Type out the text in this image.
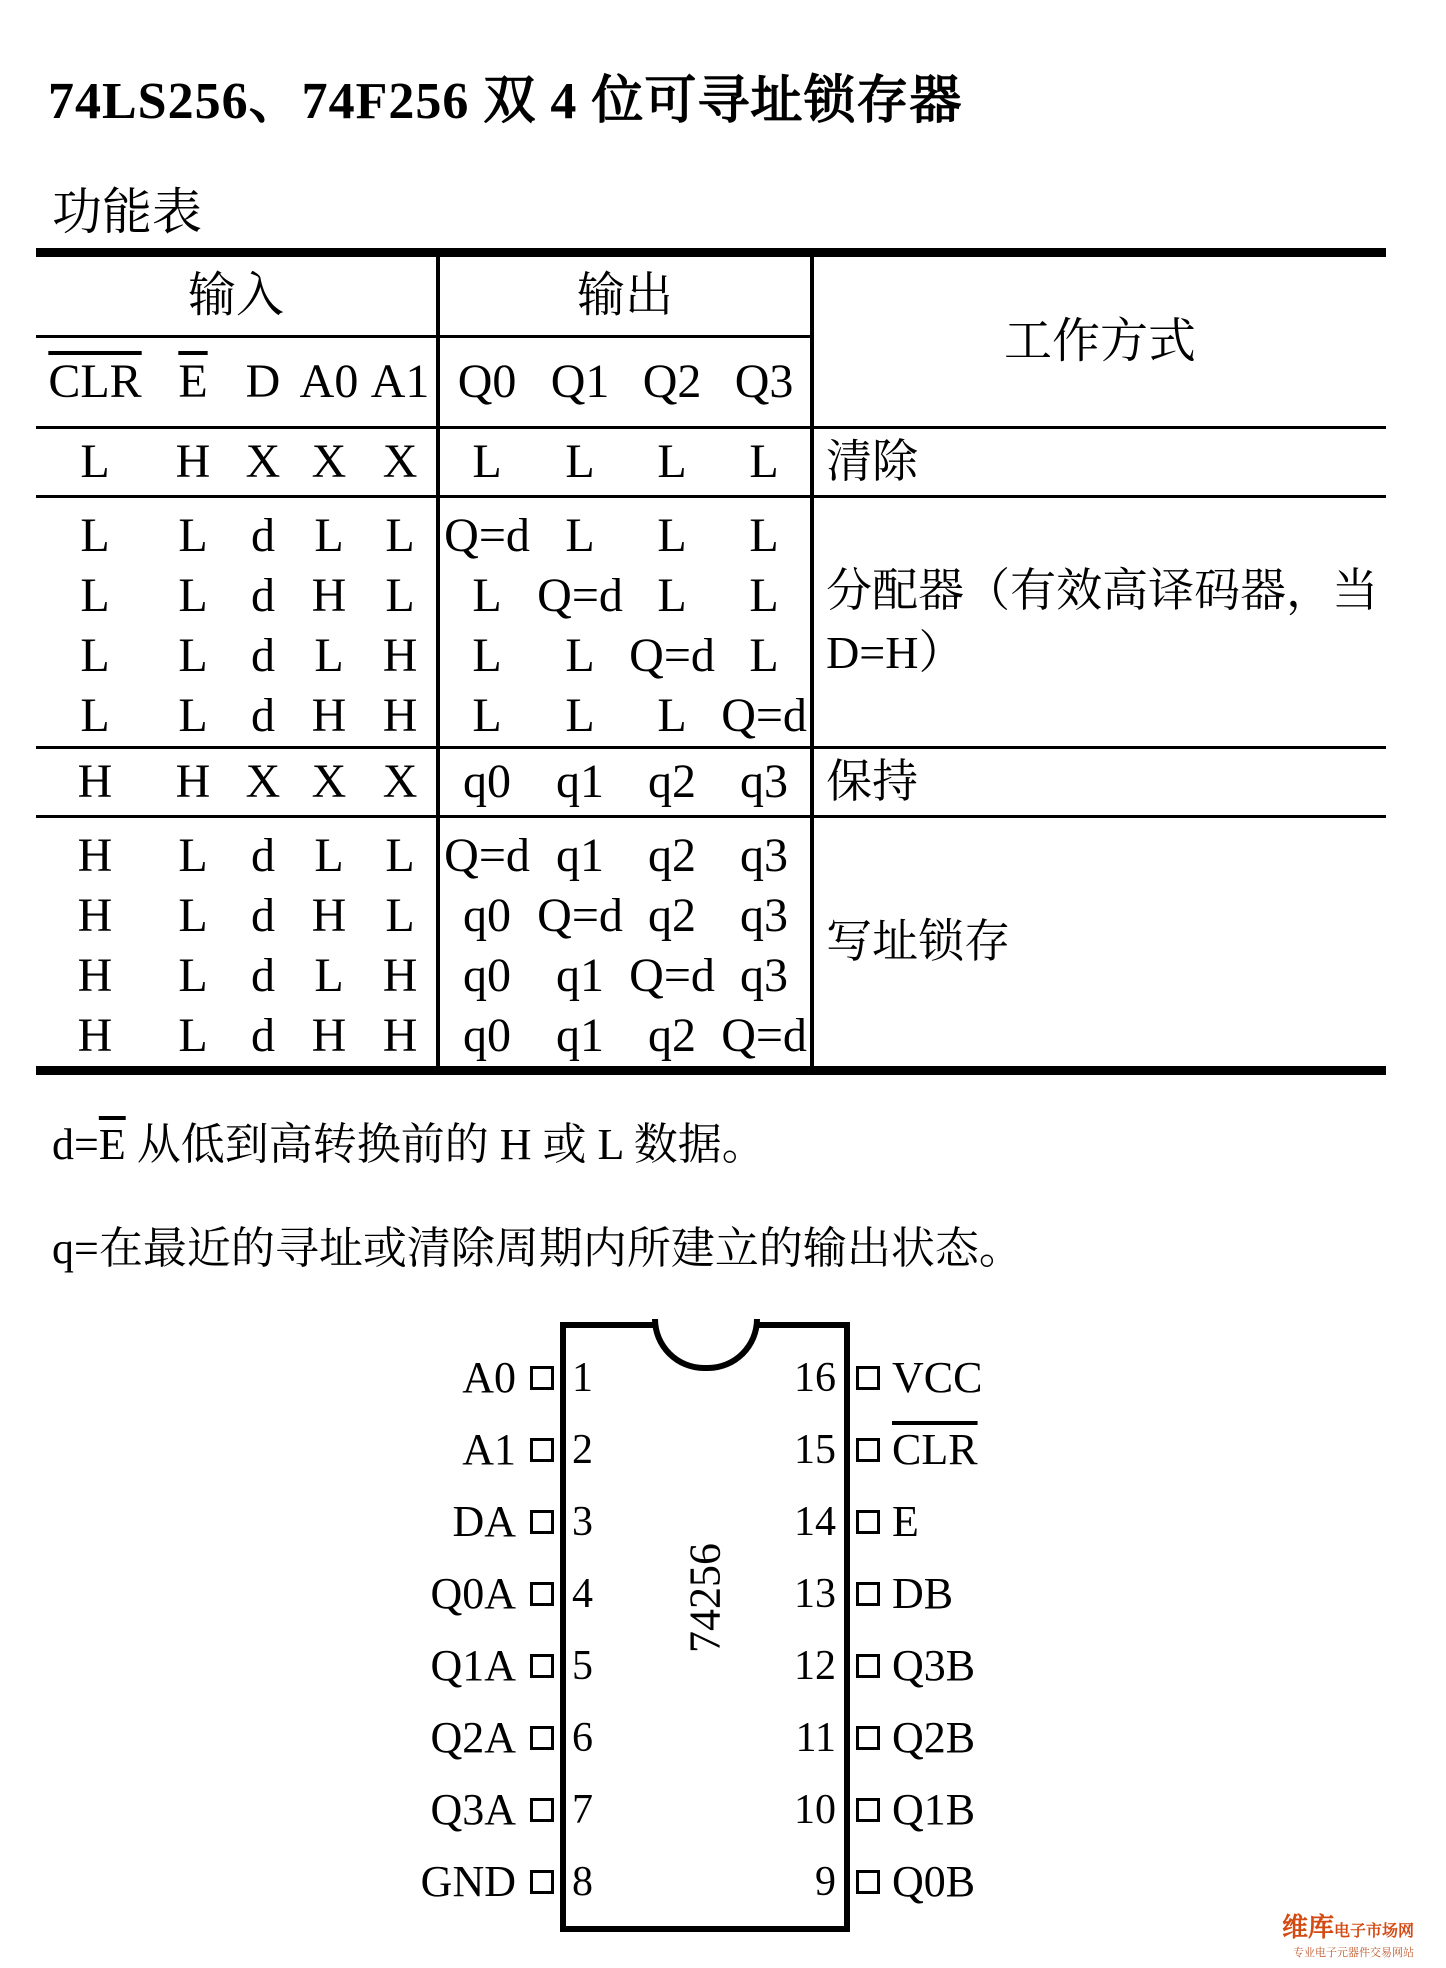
74LS256、74F256 双 4 位可寻址锁存器
功能表
输入					输出				工作方式
$\overline{CLR}$	$\overline{E}$	D	A0	A1	Q0	Q1	Q2	Q3	
L	H	X	X	X	L	L	L	L	清除
L	L	d	L	L	Q=d	L	L	L	分配器（有效高译码器，当 D=H）
L	L	d	H	L	L	Q=d	L	L	
L	L	d	L	H	L	L	Q=d	L	
L	L	d	H	H	L	L	L	Q=d	
H	H	X	X	X	q0	q1	q2	q3	保持
H	L	d	L	L	Q=d	q1	q2	q3	写址锁存
H	L	d	H	L	q0	Q=d	q2	q3	
H	L	d	L	H	q0	q1	Q=d	q3	
H	L	d	H	H	q0	q1	q2	Q=d	
$d=\overline{E}$ 从低到高转换前的 H 或 L 数据。
q=在最近的寻址或清除周期内所建立的输出状态。
74256
1
A0
2
A1
3
DA
4
Q0A
5
Q1A
6
Q2A
7
Q3A
8
GND
16 VCC
15 $\overline{CLR}$
14 E
13 DB
12 Q3B
11 Q2B
10 Q1B
9 Q0B
维库电子市场网
专业电子元器件交易网站
